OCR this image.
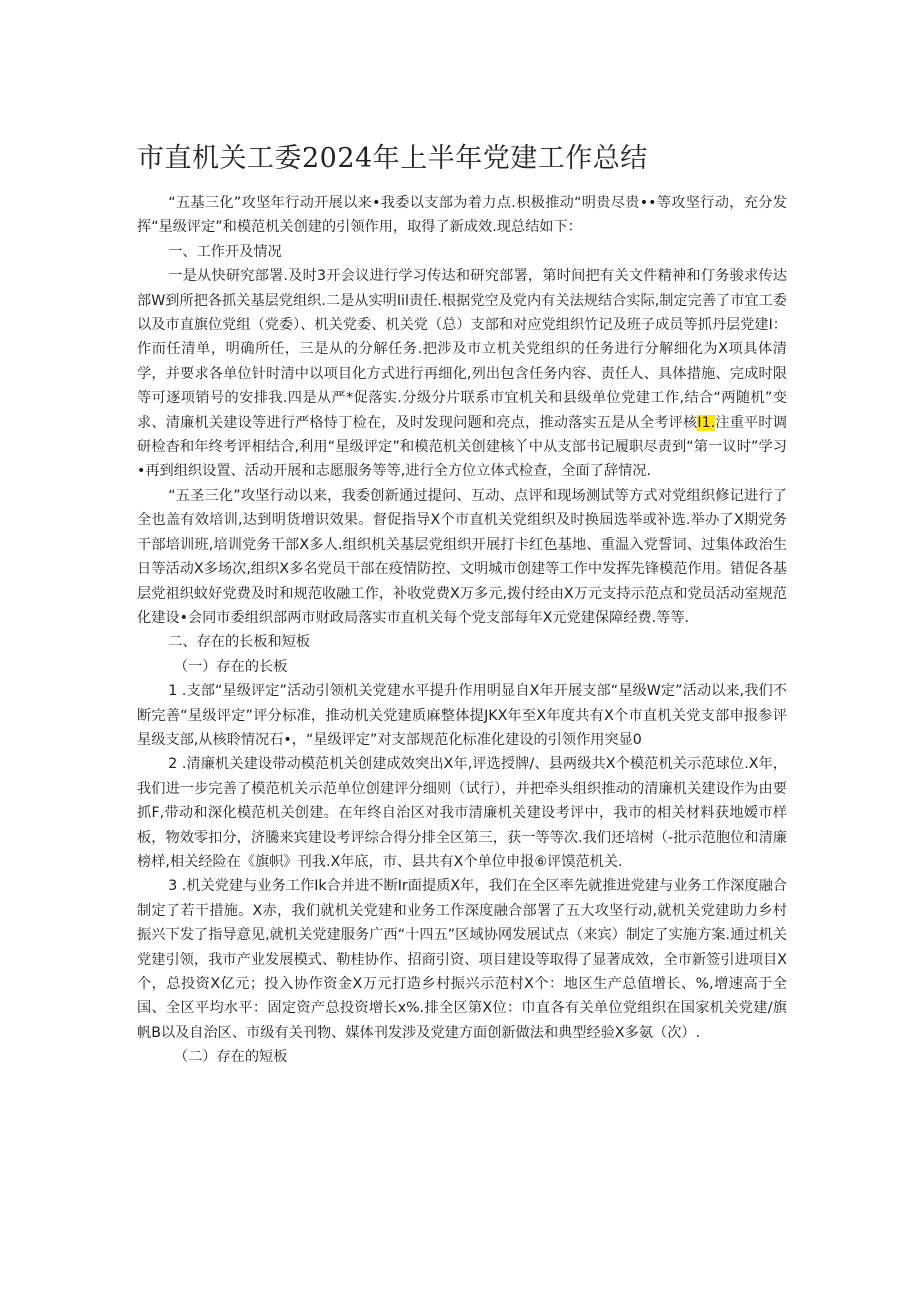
市直机关工委2024年上半年党建工作总结

“五基三化”攻坚年行动开展以来•我委以支部为着力点.枳极推动“明贵尽贵••等攻坚行动，充分发挥“星级评定”和模范机关创建的引领作用，取得了新成效.现总结如下：

一、工作开及情况

一是从快研究部署.及时3开会议进行学习传达和研究部署，第时间把有关文件精神和仃务骏求传达部W到所把各抓关基层党组织.二是从实明Iil责任.根据党空及党内有关法规结合实际,制定完善了市宜工委以及市直旗位党组（党委）、机关党委、机关党（总）支部和对应党组织竹记及班子成员等抓丹层党建I：作而任清单，明确所任，三是从的分解任务.把涉及市立机关党组织的任务进行分解细化为X项具体清学，并要求各单位针时清中以项目化方式进行再细化,列出包含任务内容、责任人、具体措施、完成时限等可逐项销号的安排我.四是从严*促落实.分级分片联系市宜机关和县级单位党建工作,结合“两随机”变求、清廉机关建设等进行严格恃丁检在，及时发现问题和亮点，推动落实五是从全考评核I1.注重平时调研检杳和年终考评相结合,利用“星级评定”和模范机关创建核丫中从支部书记履职尽责到“第一议时”学习•再到组织设置、活动开展和志愿服务等等,进行全方位立体式检查，全面了辞情况.

“五圣三化”攻坚行动以来，我委创新通过提问、互动、点评和现场测试等方式对党组织修记进行了全也盖有效培训,达到明货增识效果。督促指导X个市直机关党组织及时换屆选举或补选.举办了X期党务干部培训班,培训党务干部X多人.组织机关基层党组织开展打卡红色基地、重温入党誓词、过集体政治生日等活动X多场次,组织X多名党员干部在疫情防控、文明城市创建等工作中发挥先锋模范作用。错促各基层党祖织蚊好党费及时和规范收融工作，补收党费X万多元,拨付经由X万元支持示范点和党员活动室规范化建设•会同市委组织部两市财政局落实市直机关每个党支部每年X元党建保障经费.等等.

二、存在的长板和短板

（一）存在的长板

1 .支部“星级评定”活动引领机关党建水平提升作用明显自X年开展支部“星级W定”活动以来,我们不断完善“星级评定”评分标准，推动机关党建质麻整体提JKX年至X年度共有X个市直机关党支部申报参评星级支部,从核聆情况石•，“星级评定”对支部规范化标准化建设的引领作用突显0

2 .清廉机关建设带动模范机关创建成效突出X年,评选授牌/、县两级共X个模范机关示范球位.X年，我们进一步完善了模范机关示范单位创建评分细则（试行），并把牵头组织推动的清廉机关建设作为由要抓F,带动和深化模范机关创建。在年终自治区对我市清廉机关建设考评中，我市的相关材料获地嫒市样板，物效零扣分，济騰来宾建设考评综合得分排全区第三，获一等等次.我们还培树（-批示范胞位和清廉榜样,相关经险在《旗帜》刊我.X年底，市、县共有X个单位申报⑥评馍范机关.

3 .机关党建与业务工作Ik合并进不断Ir面提质X年，我们在全区率先就推进党建与业务工作深度融合制定了若干措施。X赤，我们就机关党建和业务工作深度融合部署了五大攻坚行动,就机关党建助力乡村振兴下发了指导意见,就机关党建服务广西“十四五”区域协网发展试点（来宾）制定了实施方案.通过机关党建引领，我市产业发展模式、勒桂协作、招商引资、项目建设等取得了显著成效，全市新签引进项目X个，总投资X亿元；投入协作资金X万元打造乡村振兴示范村X个：地区生产总值增长、%,增速高于全国、全区平均水平：固定资产总投资增长x%.排全区第X位：巾直各有关单位党组织在国家机关党建/旗帆B以及自治区、市级有关刊物、媒体刊发涉及党建方面创新做法和典型经验X多氨（次）.

（二）存在的短板
